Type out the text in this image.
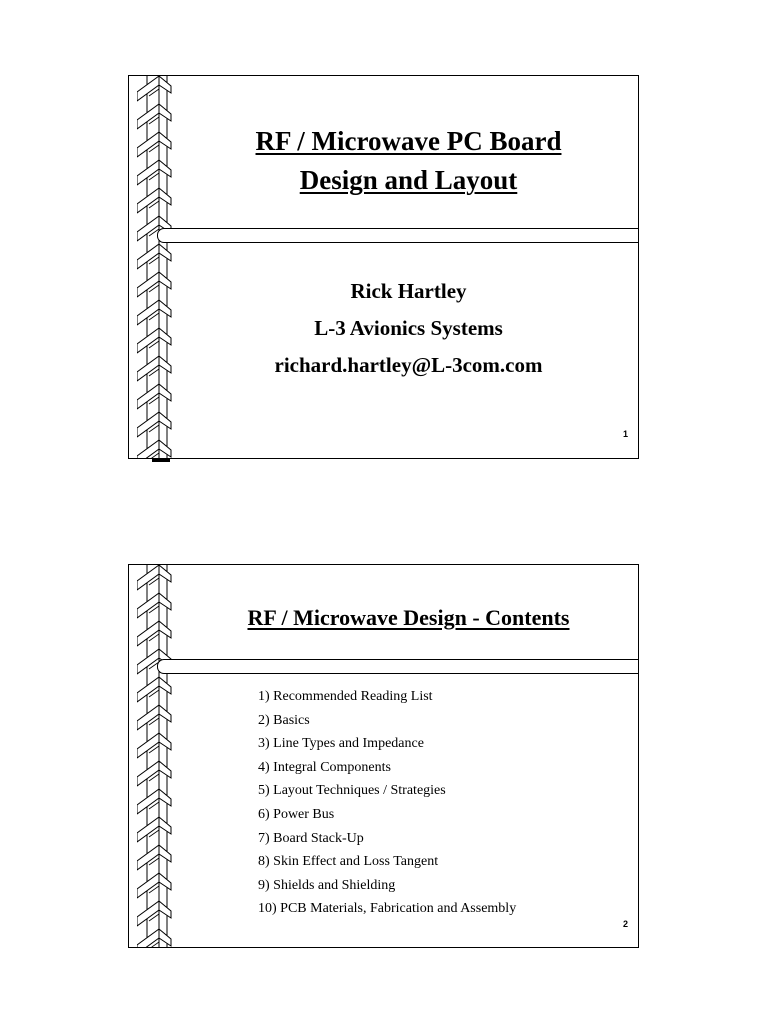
RF / Microwave PC Board
Design and Layout
Rick Hartley
L-3 Avionics Systems
richard.hartley@L-3com.com
1
RF / Microwave Design - Contents
1) Recommended Reading List
2) Basics
3) Line Types and Impedance
4) Integral Components
5) Layout Techniques / Strategies
6) Power Bus
7) Board Stack-Up
8) Skin Effect and Loss Tangent
9) Shields and Shielding
10) PCB Materials, Fabrication and Assembly
2
